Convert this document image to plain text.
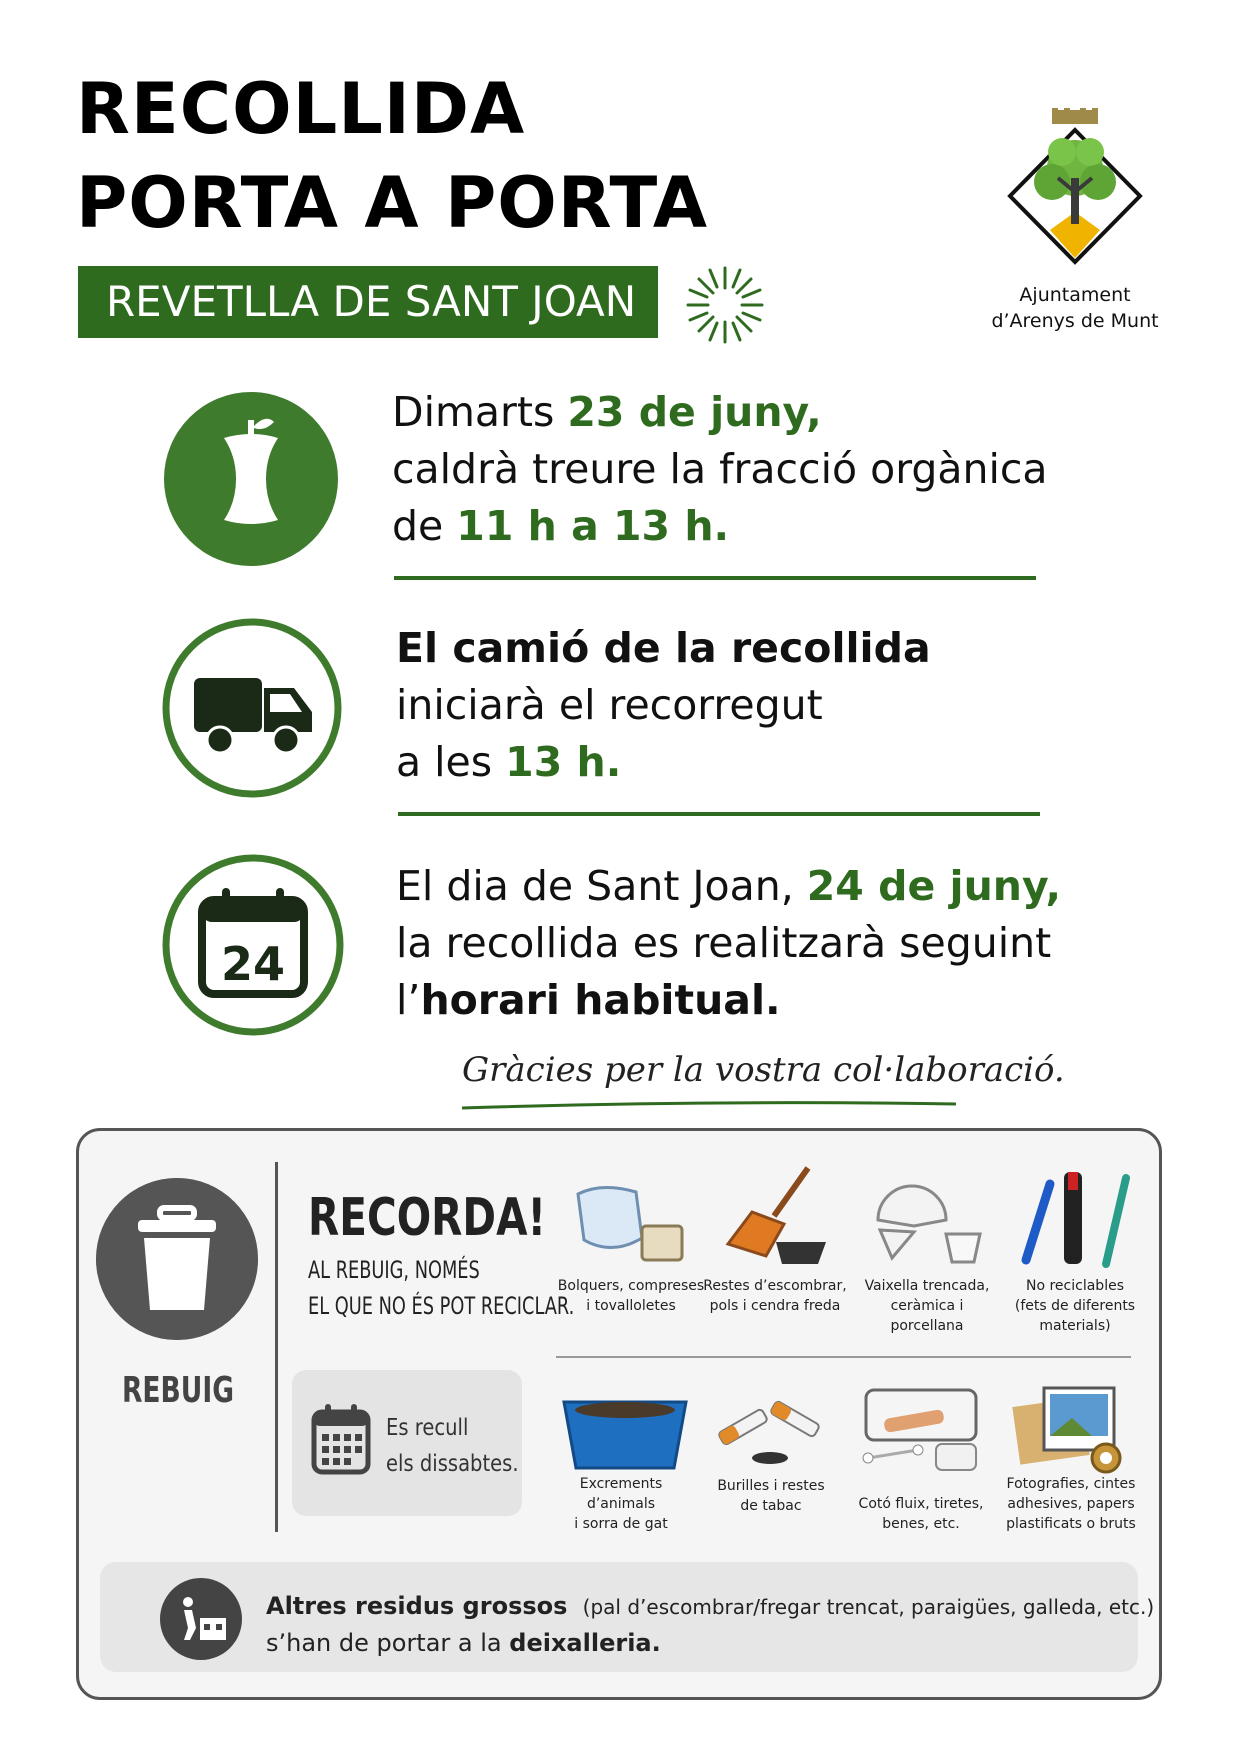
RECOLLIDA
PORTA A PORTA
REVETLLA DE SANT JOAN	Ajuntament
d’Arenys de Munt
Dimarts 23 de juny,
caldrà treure la fracció orgànica
de 11 h a 13 h.
El camió de la recollida
iniciarà el recorregut
a les 13 h.
24
El dia de Sant Joan, 24 de juny,
la recollida es realitzarà seguint
l’horari habitual.
Gràcies per la vostra col·laboració.
REBUIG
RECORDA!
AL REBUIG, NOMÉS
EL QUE NO ÉS POT RECICLAR.
Es recull
els dissabtes.
Bolquers, compreses
i tovalloletes
Restes d’escombrar,
pols i cendra freda
Vaixella trencada,
ceràmica i porcellana
No reciclables
(fets de diferents
materials)
Excrements
d’animals
i sorra de gat
Burilles i restes
de tabac	Cotó fluix, tiretes,
benes, etc.
Fotografies, cintes
adhesives, papers
plastificats o bruts
Altres residus grossos (pal d’escombrar/fregar trencat, paraigües, galleda, etc.)
s’han de portar a la deixalleria.
